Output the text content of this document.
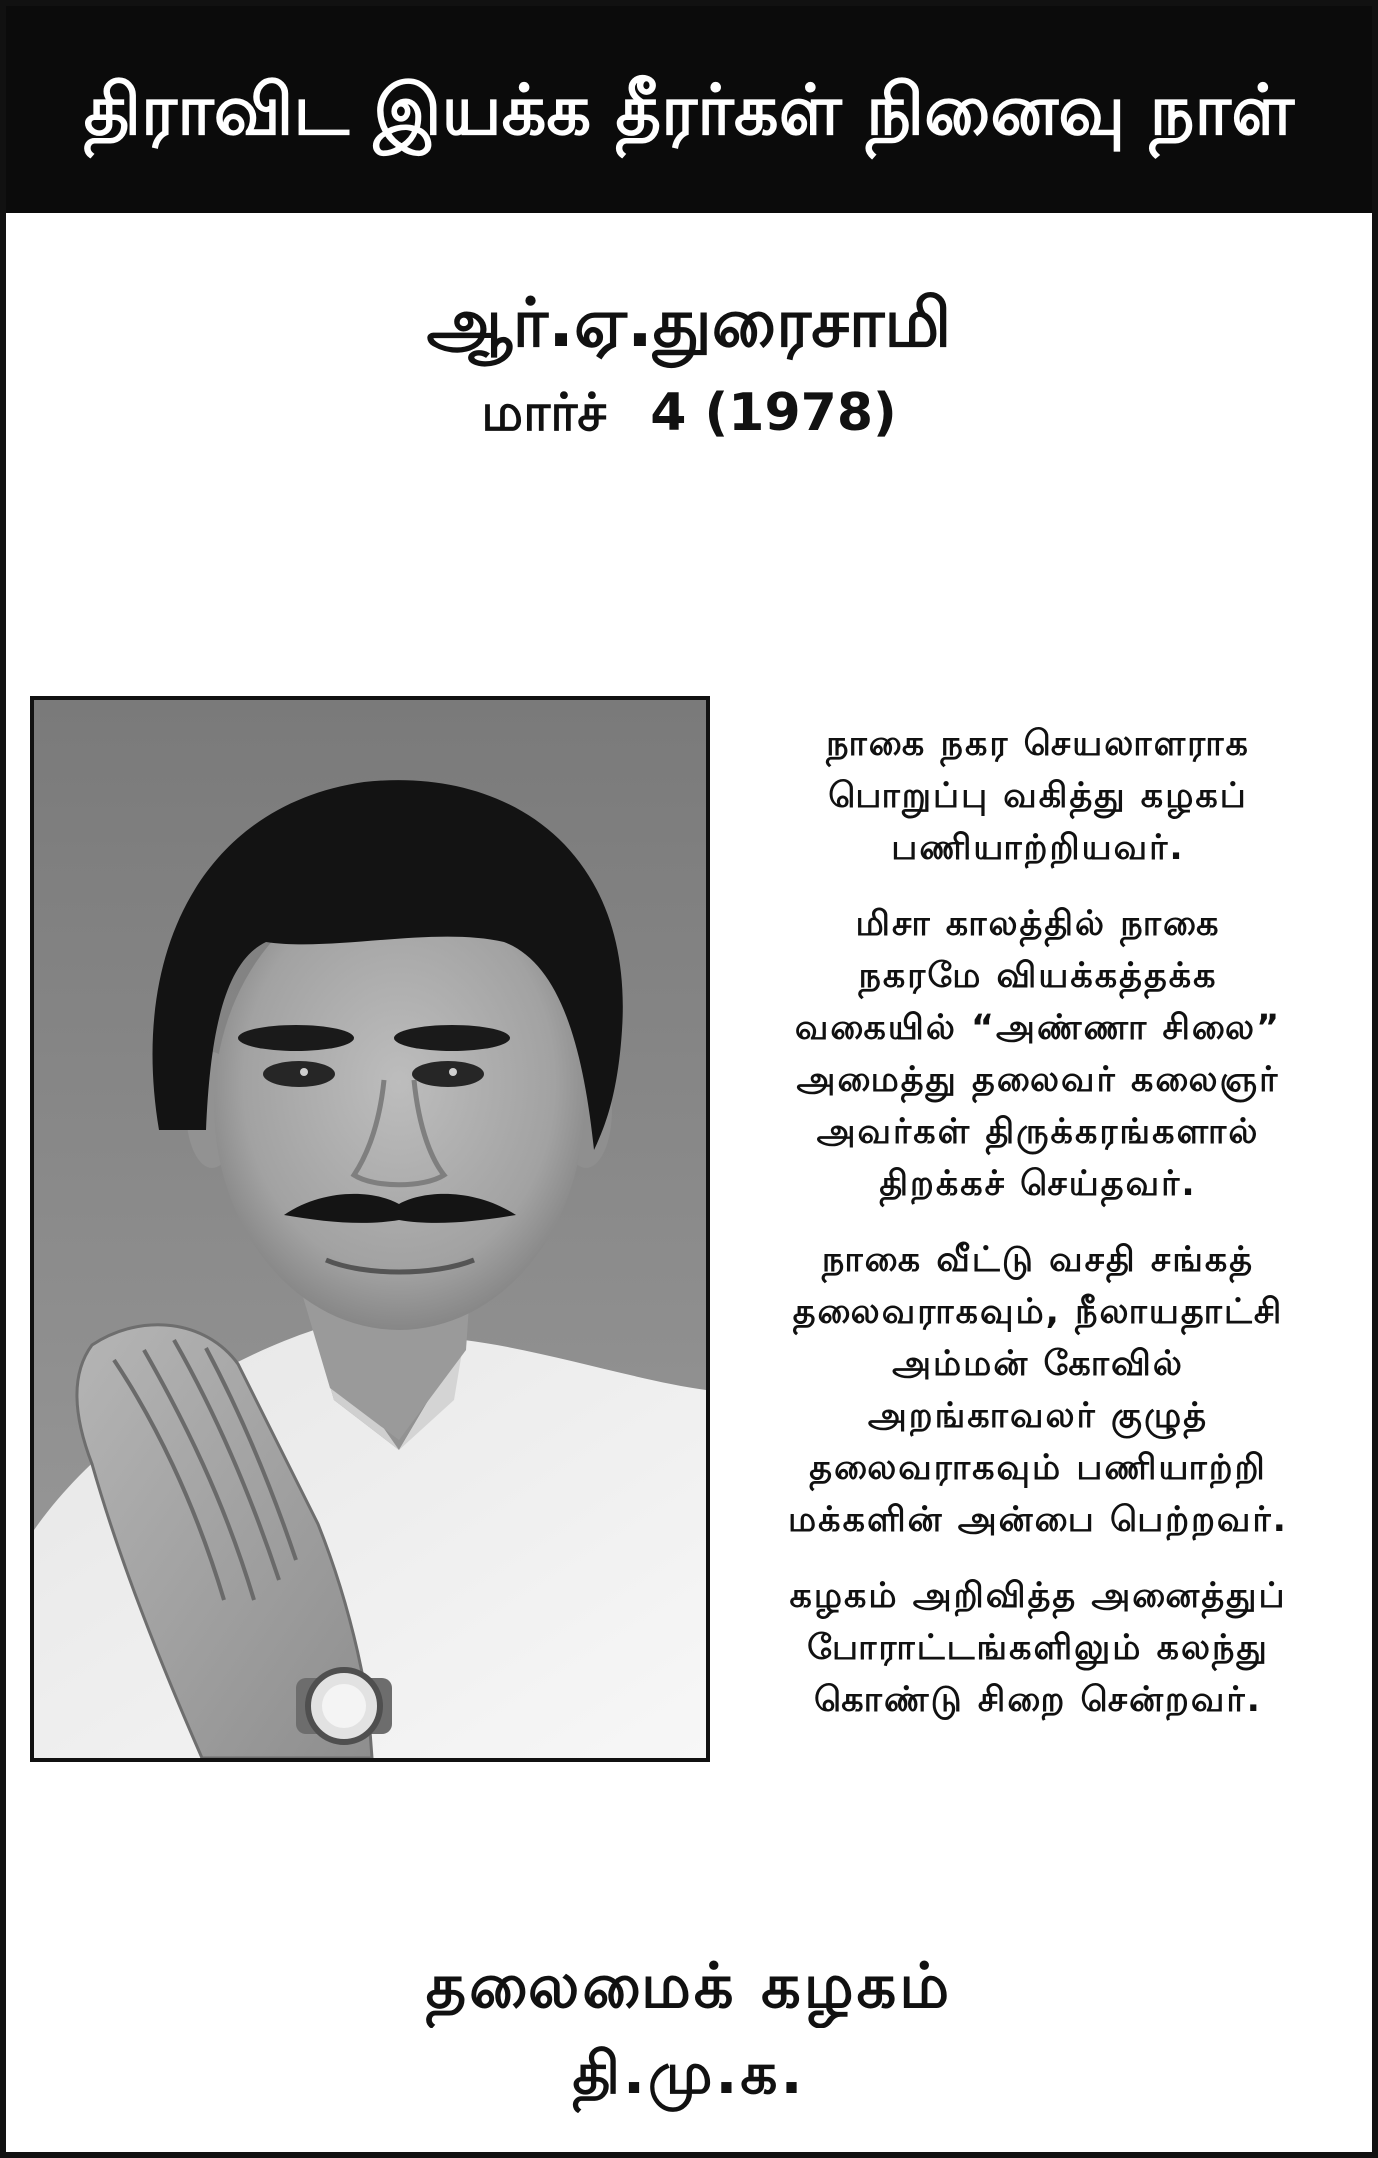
திராவிட இயக்க தீரர்கள் நினைவு நாள்
ஆர்.ஏ.துரைசாமி
மார்ச் 4 (1978)
நாகை நகர செயலாளராக
பொறுப்பு வகித்து கழகப்
பணியாற்றியவர்.
மிசா காலத்தில் நாகை
நகரமே வியக்கத்தக்க
வகையில் “அண்ணா சிலை”
அமைத்து தலைவர் கலைஞர்
அவர்கள் திருக்கரங்களால்
திறக்கச் செய்தவர்.
நாகை வீட்டு வசதி சங்கத்
தலைவராகவும், நீலாயதாட்சி
அம்மன் கோவில்
அறங்காவலர் குழுத்
தலைவராகவும் பணியாற்றி
மக்களின் அன்பை பெற்றவர்.
கழகம் அறிவித்த அனைத்துப்
போராட்டங்களிலும் கலந்து
கொண்டு சிறை சென்றவர்.
தலைமைக் கழகம்
தி.மு.க.
